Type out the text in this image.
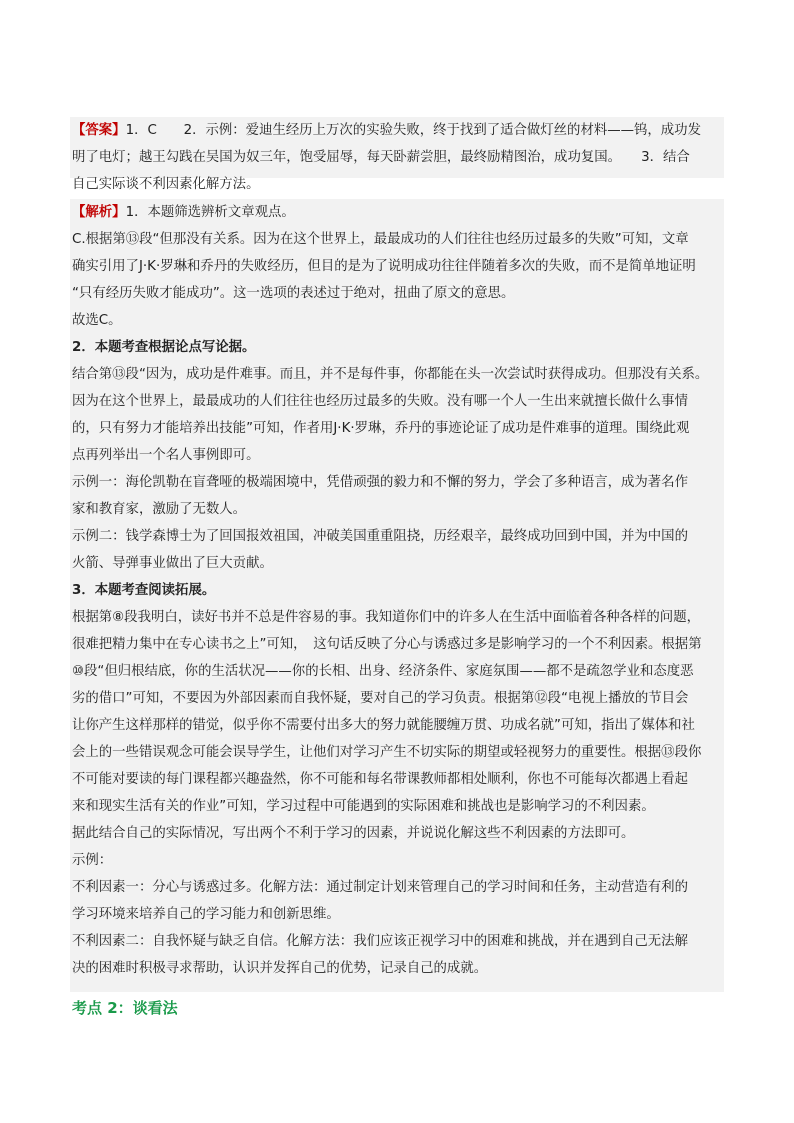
【答案】1．C　　2．示例：爱迪生经历上万次的实验失败，终于找到了适合做灯丝的材料——钨，成功发
明了电灯；越王勾践在吴国为奴三年，饱受屈辱，每天卧薪尝胆，最终励精图治，成功复国。　　3．结合
自己实际谈不利因素化解方法。
【解析】1．本题筛选辨析文章观点。
C.根据第⑬段“但那没有关系。因为在这个世界上，最最成功的人们往往也经历过最多的失败”可知，文章
确实引用了J·K·罗琳和乔丹的失败经历，但目的是为了说明成功往往伴随着多次的失败，而不是简单地证明
“只有经历失败才能成功”。这一选项的表述过于绝对，扭曲了原文的意思。
故选C。
2．本题考查根据论点写论据。
结合第⑬段“因为，成功是件难事。而且，并不是每件事，你都能在头一次尝试时获得成功。但那没有关系。
因为在这个世界上，最最成功的人们往往也经历过最多的失败。没有哪一个人一生出来就擅长做什么事情
的，只有努力才能培养出技能”可知，作者用J·K·罗琳，乔丹的事迹论证了成功是件难事的道理。围绕此观
点再列举出一个名人事例即可。
示例一：海伦凯勒在盲聋哑的极端困境中，凭借顽强的毅力和不懈的努力，学会了多种语言，成为著名作
家和教育家，激励了无数人。
示例二：钱学森博士为了回国报效祖国，冲破美国重重阻挠，历经艰辛，最终成功回到中国，并为中国的
火箭、导弹事业做出了巨大贡献。
3．本题考查阅读拓展。
根据第⑧段我明白，读好书并不总是件容易的事。我知道你们中的许多人在生活中面临着各种各样的问题，
很难把精力集中在专心读书之上”可知，　这句话反映了分心与诱惑过多是影响学习的一个不利因素。根据第
⑩段“但归根结底，你的生活状况——你的长相、出身、经济条件、家庭氛围——都不是疏忽学业和态度恶
劣的借口”可知，不要因为外部因素而自我怀疑，要对自己的学习负责。根据第⑫段“电视上播放的节目会
让你产生这样那样的错觉，似乎你不需要付出多大的努力就能腰缠万贯、功成名就”可知，指出了媒体和社
会上的一些错误观念可能会误导学生，让他们对学习产生不切实际的期望或轻视努力的重要性。根据⑬段你
不可能对要读的每门课程都兴趣盎然，你不可能和每名带课教师都相处顺利，你也不可能每次都遇上看起
来和现实生活有关的作业”可知，学习过程中可能遇到的实际困难和挑战也是影响学习的不利因素。
据此结合自己的实际情况，写出两个不利于学习的因素，并说说化解这些不利因素的方法即可。
示例：
不利因素一：分心与诱惑过多。化解方法：通过制定计划来管理自己的学习时间和任务，主动营造有利的
学习环境来培养自己的学习能力和创新思维。
不利因素二：自我怀疑与缺乏自信。化解方法：我们应该正视学习中的困难和挑战，并在遇到自己无法解
决的困难时积极寻求帮助，认识并发挥自己的优势，记录自己的成就。
考点 2：谈看法
